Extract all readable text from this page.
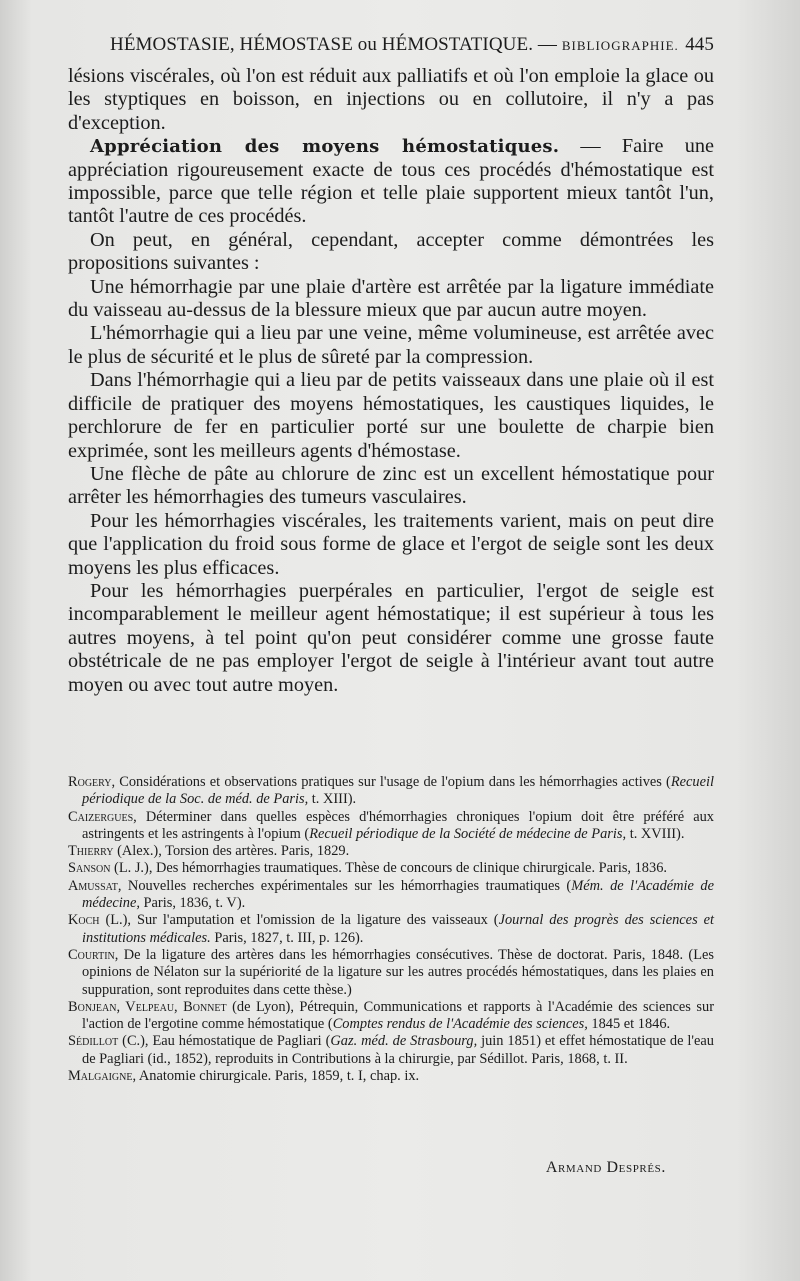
HÉMOSTASIE, HÉMOSTASE ou HÉMOSTATIQUE. — BIBLIOGRAPHIE. 445

lésions viscérales, où l'on est réduit aux palliatifs et où l'on emploie la glace ou les styptiques en boisson, en injections ou en collutoire, il n'y a pas d'exception.

Appréciation des moyens hémostatiques. — Faire une appréciation rigoureusement exacte de tous ces procédés d'hémostatique est impossible, parce que telle région et telle plaie supportent mieux tantôt l'un, tantôt l'autre de ces procédés.

On peut, en général, cependant, accepter comme démontrées les propositions suivantes :

Une hémorrhagie par une plaie d'artère est arrêtée par la ligature immédiate du vaisseau au-dessus de la blessure mieux que par aucun autre moyen.

L'hémorrhagie qui a lieu par une veine, même volumineuse, est arrêtée avec le plus de sécurité et le plus de sûreté par la compression.

Dans l'hémorrhagie qui a lieu par de petits vaisseaux dans une plaie où il est difficile de pratiquer des moyens hémostatiques, les caustiques liquides, le perchlorure de fer en particulier porté sur une boulette de charpie bien exprimée, sont les meilleurs agents d'hémostase.

Une flèche de pâte au chlorure de zinc est un excellent hémostatique pour arrêter les hémorrhagies des tumeurs vasculaires.

Pour les hémorrhagies viscérales, les traitements varient, mais on peut dire que l'application du froid sous forme de glace et l'ergot de seigle sont les deux moyens les plus efficaces.

Pour les hémorrhagies puerpérales en particulier, l'ergot de seigle est incomparablement le meilleur agent hémostatique; il est supérieur à tous les autres moyens, à tel point qu'on peut considérer comme une grosse faute obstétricale de ne pas employer l'ergot de seigle à l'intérieur avant tout autre moyen ou avec tout autre moyen.

Rogery, Considérations et observations pratiques sur l'usage de l'opium dans les hémorrhagies actives (Recueil périodique de la Soc. de méd. de Paris, t. XIII).

Caizergues, Déterminer dans quelles espèces d'hémorrhagies chroniques l'opium doit être préféré aux astringents et les astringents à l'opium (Recueil périodique de la Société de médecine de Paris, t. XVIII).

Thierry (Alex.), Torsion des artères. Paris, 1829.

Sanson (L. J.), Des hémorrhagies traumatiques. Thèse de concours de clinique chirurgicale. Paris, 1836.

Amussat, Nouvelles recherches expérimentales sur les hémorrhagies traumatiques (Mém. de l'Académie de médecine, Paris, 1836, t. V).

Koch (L.), Sur l'amputation et l'omission de la ligature des vaisseaux (Journal des progrès des sciences et institutions médicales. Paris, 1827, t. III, p. 126).

Courtin, De la ligature des artères dans les hémorrhagies consécutives. Thèse de doctorat. Paris, 1848. (Les opinions de Nélaton sur la supériorité de la ligature sur les autres procédés hémostatiques, dans les plaies en suppuration, sont reproduites dans cette thèse.)

Bonjean, Velpeau, Bonnet (de Lyon), Pétrequin, Communications et rapports à l'Académie des sciences sur l'action de l'ergotine comme hémostatique (Comptes rendus de l'Académie des sciences, 1845 et 1846.

Sédillot (C.), Eau hémostatique de Pagliari (Gaz. méd. de Strasbourg, juin 1851) et effet hémostatique de l'eau de Pagliari (id., 1852), reproduits in Contributions à la chirurgie, par Sédillot. Paris, 1868, t. II.

Malgaigne, Anatomie chirurgicale. Paris, 1859, t. I, chap. ix.

Armand Després.
